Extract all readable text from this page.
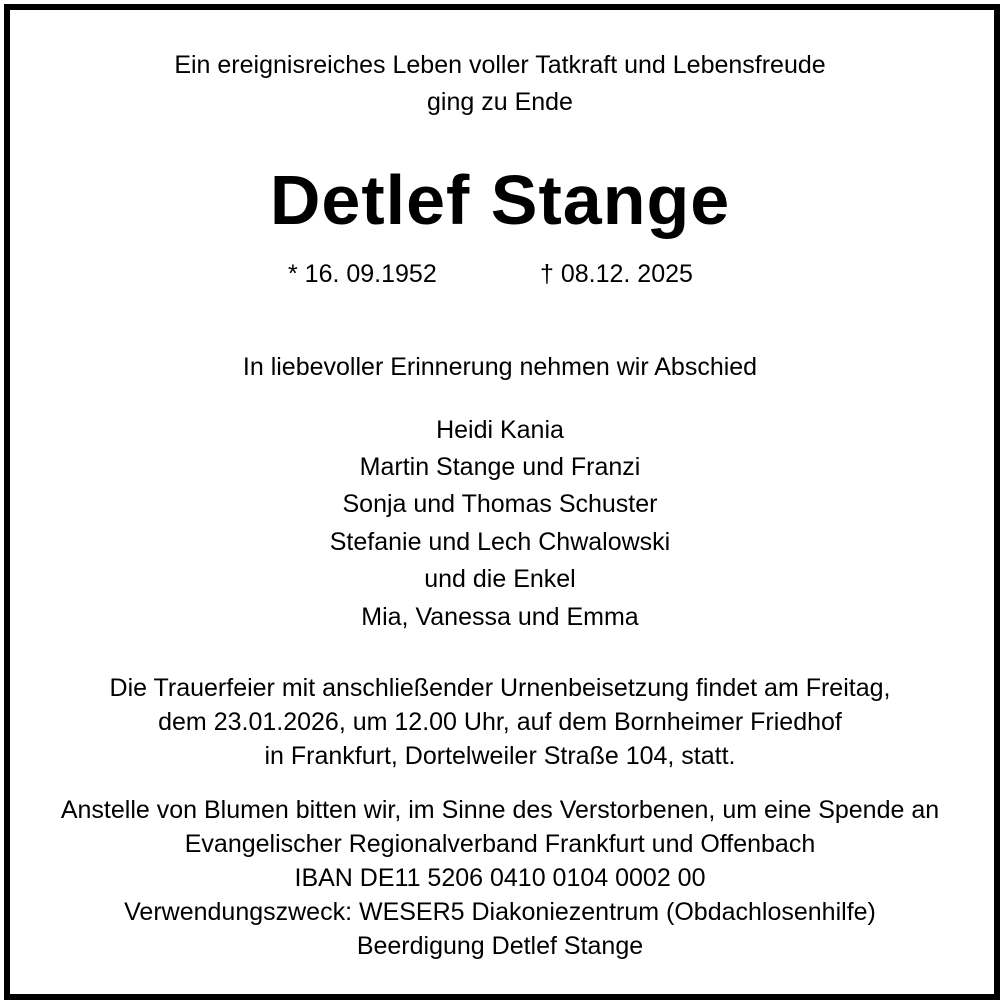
Ein ereignisreiches Leben voller Tatkraft und Lebensfreude
ging zu Ende
Detlef Stange
* 16. 09.1952	† 08.12. 2025
In liebevoller Erinnerung nehmen wir Abschied
Heidi Kania
Martin Stange und Franzi
Sonja und Thomas Schuster
Stefanie und Lech Chwalowski
und die Enkel
Mia, Vanessa und Emma
Die Trauerfeier mit anschließender Urnenbeisetzung findet am Freitag,
dem 23.01.2026, um 12.00 Uhr, auf dem Bornheimer Friedhof
in Frankfurt, Dortelweiler Straße 104, statt.
Anstelle von Blumen bitten wir, im Sinne des Verstorbenen, um eine Spende an
Evangelischer Regionalverband Frankfurt und Offenbach
IBAN DE11 5206 0410 0104 0002 00
Verwendungszweck: WESER5 Diakoniezentrum (Obdachlosenhilfe)
Beerdigung Detlef Stange
